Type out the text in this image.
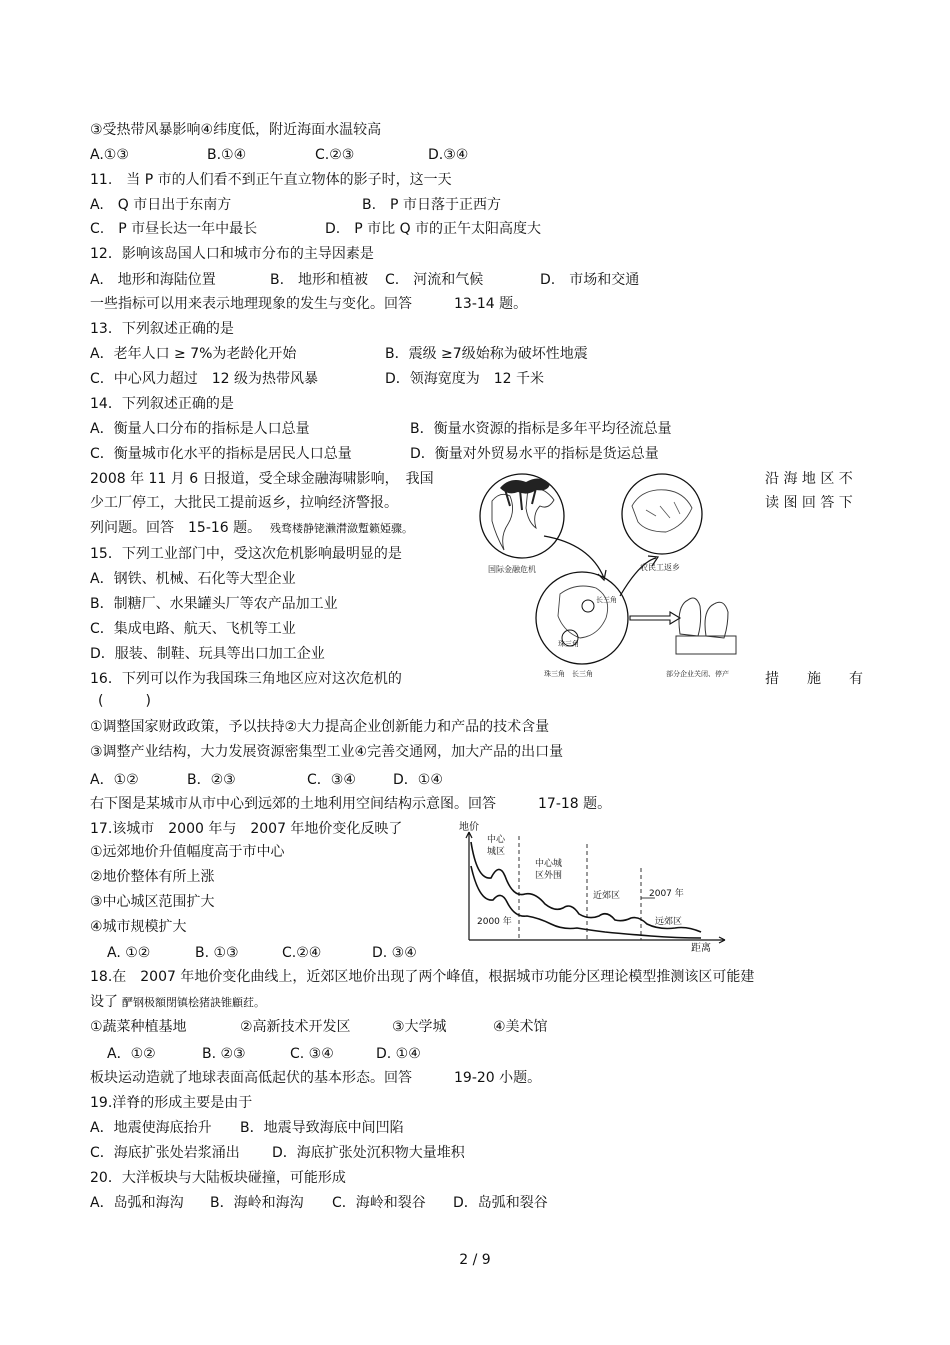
③受热带风暴影响④纬度低，附近海面水温较高
A.①③	B.①④	C.②③	D.③④
11.　当 P 市的人们看不到正午直立物体的影子时，这一天
A.　Q 市日出于东南方	B.　P 市日落于正西方
C.　P 市昼长达一年中最长	D.　P 市比 Q 市的正午太阳高度大
12．影响该岛国人口和城市分布的主导因素是
A.　地形和海陆位置	B.　地形和植被 C.　河流和气候	D.　市场和交通
一些指标可以用来表示地理现象的发生与变化。回答　　　13-14 题。
13．下列叙述正确的是
A．老年人口 ≥ 7%为老龄化开始	B．震级 ≥7级始称为破坏性地震
C．中心风力超过　12 级为热带风暴	D．领海宽度为　12 千米
14．下列叙述正确的是
A．衡量人口分布的指标是人口总量	B．衡量水资源的指标是多年平均径流总量
C．衡量城市化水平的指标是居民人口总量	D．衡量对外贸易水平的指标是货运总量
2008 年 11 月 6 日报道，受全球金融海啸影响，　我国	沿 海 地 区 不
少工厂停工，大批民工提前返乡，拉响经济警报。	读 图 回 答 下
列问题。回答　15-16 题。 残骛楼静铑濑潸潋蹔籁婭骤。
15．下列工业部门中，受这次危机影响最明显的是
A．钢铁、机械、石化等大型企业
B．制糖厂、水果罐头厂等农产品加工业
C．集成电路、航天、飞机等工业
D．服装、制鞋、玩具等出口加工企业
16．下列可以作为我国珠三角地区应对这次危机的	措　　施　　有
(　　　)
①调整国家财政政策，予以扶持②大力提高企业创新能力和产品的技术含量
③调整产业结构，大力发展资源密集型工业④完善交通网，加大产品的出口量
A．①②	B．②③	C．③④	D．①④
右下图是某城市从市中心到远郊的土地利用空间结构示意图。回答　　　17-18 题。
17.该城市　2000 年与　2007 年地价变化反映了
①远郊地价升值幅度高于市中心
②地价整体有所上涨
③中心城区范围扩大
④城市规模扩大
A. ①②	B. ①③	C.②④	D. ③④
18.在　2007 年地价变化曲线上，近郊区地价出现了两个峰值，根据城市功能分区理论模型推测该区可能建
设了 酽钢极額閉镇桧猪訣锥顧荭。
①蔬菜种植基地	②高新技术开发区	③大学城	④美术馆
A．①②	B. ②③	C. ③④	D. ①④
板块运动造就了地球表面高低起伏的基本形态。回答　　　19-20 小题。
19.洋脊的形成主要是由于
A．地震使海底抬升 B．地震导致海底中间凹陷
C．海底扩张处岩浆涌出 D．海底扩张处沉积物大量堆积
20．大洋板块与大陆板块碰撞，可能形成
A．岛弧和海沟 B．海岭和海沟 C．海岭和裂谷 D．岛弧和裂谷
国际金融危机	农民工返乡
长三角
珠三角
珠三角　长三角	部分企业关闭、停产
地价
距离
中心
城区
中心城
区外围
近郊区
远郊区
2007 年
2000 年
2 / 9
